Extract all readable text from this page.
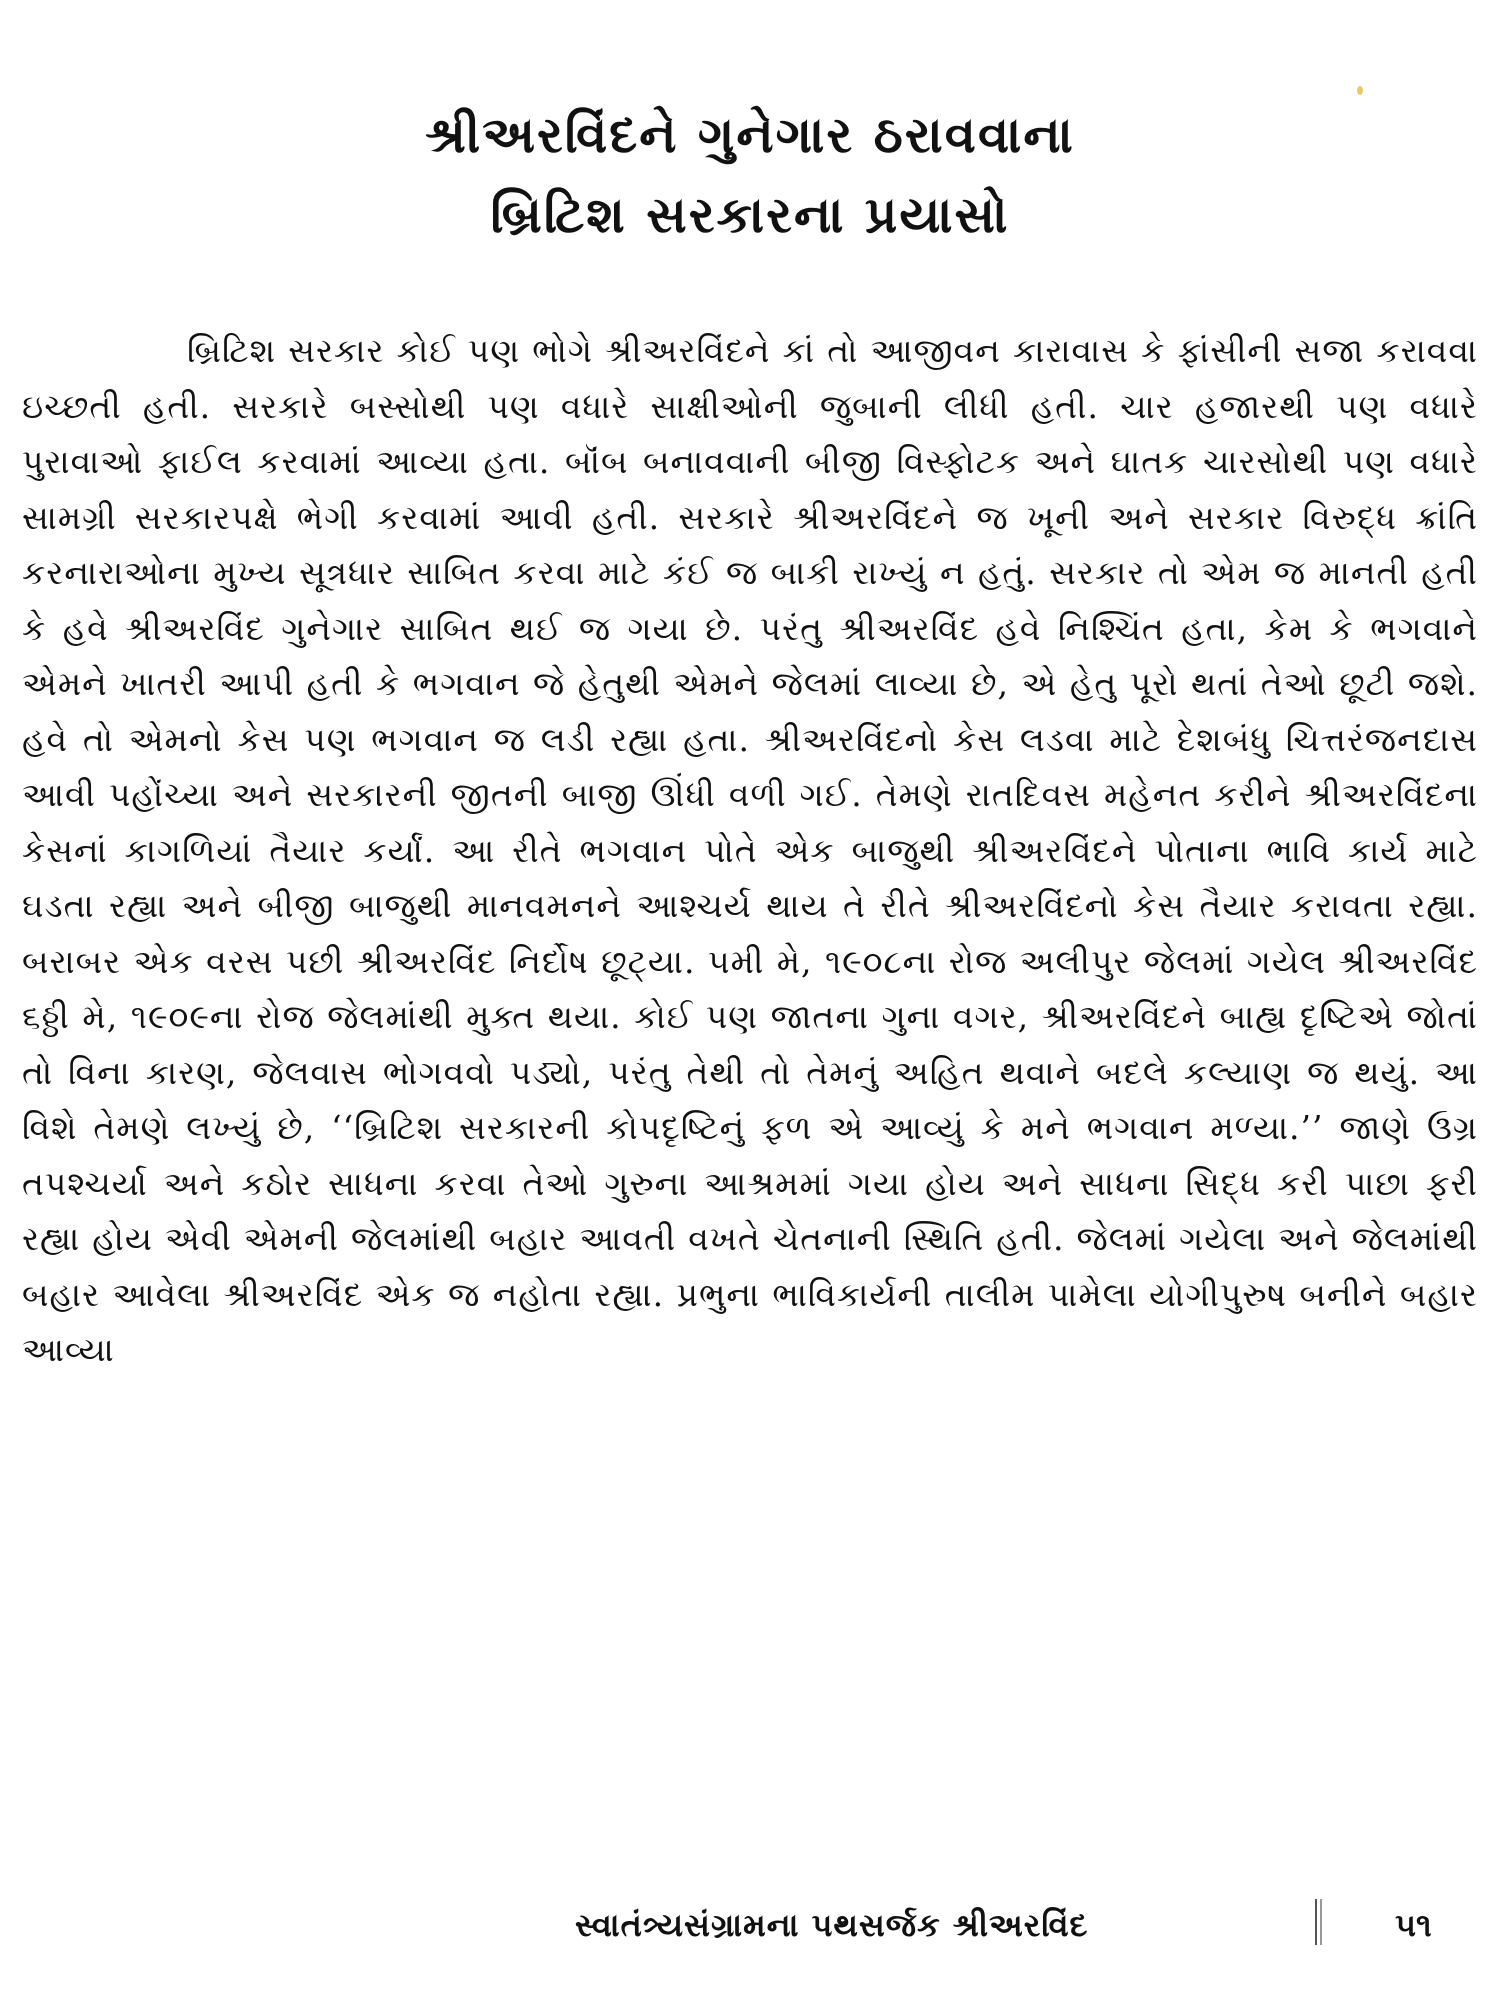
શ્રીઅરવિંદને ગુનેગાર ઠરાવવાના
બ્રિટિશ સરકારના પ્રયાસો

બ્રિટિશ સરકાર કોઈ પણ ભોગે શ્રીઅરવિંદને કાં તો આજીવન કારાવાસ કે ફાંસીની સજા કરાવવા ઇચ્છતી હતી. સરકારે બસ્સોથી પણ વધારે સાક્ષીઓની જુબાની લીધી હતી. ચાર હજારથી પણ વધારે પુરાવાઓ ફાઈલ કરવામાં આવ્યા હતા. બૉંબ બનાવવાની બીજી વિસ્ફોટક અને ઘાતક ચારસોથી પણ વધારે સામગ્રી સરકારપક્ષે ભેગી કરવામાં આવી હતી. સરકારે શ્રીઅરવિંદને જ ખૂની અને સરકાર વિરુદ્ધ ક્રાંતિ કરનારાઓના મુખ્ય સૂત્રધાર સાબિત કરવા માટે કંઈ જ બાકી રાખ્યું ન હતું. સરકાર તો એમ જ માનતી હતી કે હવે શ્રીઅરવિંદ ગુનેગાર સાબિત થઈ જ ગયા છે. પરંતુ શ્રીઅરવિંદ હવે નિશ્ચિંત હતા, કેમ કે ભગવાને એમને ખાતરી આપી હતી કે ભગવાન જે હેતુથી એમને જેલમાં લાવ્યા છે, એ હેતુ પૂરો થતાં તેઓ છૂટી જશે. હવે તો એમનો કેસ પણ ભગવાન જ લડી રહ્યા હતા. શ્રીઅરવિંદનો કેસ લડવા માટે દેશબંધુ ચિત્તરંજનદાસ આવી પહોંચ્યા અને સરકારની જીતની બાજી ઊંધી વળી ગઈ. તેમણે રાતદિવસ મહેનત કરીને શ્રીઅરવિંદના કેસનાં કાગળિયાં તૈયાર કર્યાં. આ રીતે ભગવાન પોતે એક બાજુથી શ્રીઅરવિંદને પોતાના ભાવિ કાર્ય માટે ઘડતા રહ્યા અને બીજી બાજુથી માનવમનને આશ્ચર્ય થાય તે રીતે શ્રીઅરવિંદનો કેસ તૈયાર કરાવતા રહ્યા. બરાબર એક વરસ પછી શ્રીઅરવિંદ નિર્દોષ છૂટ્યા. ૫મી મે, ૧૯૦૮ના રોજ અલીપુર જેલમાં ગયેલ શ્રીઅરવિંદ ૬ઠ્ઠી મે, ૧૯૦૯ના રોજ જેલમાંથી મુક્ત થયા. કોઈ પણ જાતના ગુના વગર, શ્રીઅરવિંદને બાહ્ય દૃષ્ટિએ જોતાં તો વિના કારણ, જેલવાસ ભોગવવો પડ્યો, પરંતુ તેથી તો તેમનું અહિત થવાને બદલે કલ્યાણ જ થયું. આ વિશે તેમણે લખ્યું છે, ‘‘બ્રિટિશ સરકારની કોપદૃષ્ટિનું ફળ એ આવ્યું કે મને ભગવાન મળ્યા.’’ જાણે ઉગ્ર તપશ્ચર્યા અને કઠોર સાધના કરવા તેઓ ગુરુના આશ્રમમાં ગયા હોય અને સાધના સિદ્ધ કરી પાછા ફરી રહ્યા હોય એવી એમની જેલમાંથી બહાર આવતી વખતે ચેતનાની સ્થિતિ હતી. જેલમાં ગયેલા અને જેલમાંથી બહાર આવેલા શ્રીઅરવિંદ એક જ નહોતા રહ્યા. પ્રભુના ભાવિકાર્યની તાલીમ પામેલા યોગીપુરુષ બનીને બહાર આવ્યા

સ્વાતંત્ર્યસંગ્રામના પથસર્જક શ્રીઅરવિંદ	૫૧
